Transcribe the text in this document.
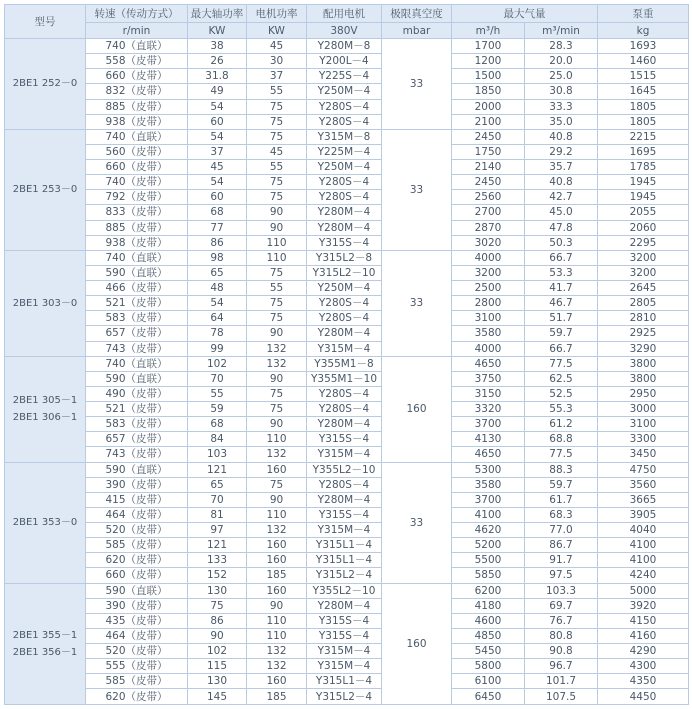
型号	转速（传动方式）	最大轴功率	电机功率	配用电机	极限真空度	最大气量		泵重
	r/min	KW	KW	380V	mbar	m³/h	m³/min	kg

2BE1 252－0	740（直联）	38	45	Y280M－8	33	1700	28.3	1693
	558（皮带）	26	30	Y200L－4		1200	20.0	1460
	660（皮带）	31.8	37	Y225S－4		1500	25.0	1515
	832（皮带）	49	55	Y250M－4		1850	30.8	1645
	885（皮带）	54	75	Y280S－4		2000	33.3	1805
	938（皮带）	60	75	Y280S－4		2100	35.0	1805

2BE1 253－0	740（直联）	54	75	Y315M－8	33	2450	40.8	2215
	560（皮带）	37	45	Y225M－4		1750	29.2	1695
	660（皮带）	45	55	Y250M－4		2140	35.7	1785
	740（皮带）	54	75	Y280S－4		2450	40.8	1945
	792（皮带）	60	75	Y280S－4		2560	42.7	1945
	833（皮带）	68	90	Y280M－4		2700	45.0	2055
	885（皮带）	77	90	Y280M－4		2870	47.8	2060
	938（皮带）	86	110	Y315S－4		3020	50.3	2295

2BE1 303－0	740（直联）	98	110	Y315L2－8	33	4000	66.7	3200
	590（直联）	65	75	Y315L2－10		3200	53.3	3200
	466（皮带）	48	55	Y250M－4		2500	41.7	2645
	521（皮带）	54	75	Y280S－4		2800	46.7	2805
	583（皮带）	64	75	Y280S－4		3100	51.7	2810
	657（皮带）	78	90	Y280M－4		3580	59.7	2925
	743（皮带）	99	132	Y315M－4		4000	66.7	3290

2BE1 305－1
2BE1 306－1	740（直联）	102	132	Y355M1－8	160	4650	77.5	3800
	590（直联）	70	90	Y355M1－10		3750	62.5	3800
	490（皮带）	55	75	Y280S－4		3150	52.5	2950
	521（皮带）	59	75	Y280S－4		3320	55.3	3000
	583（皮带）	68	90	Y280M－4		3700	61.2	3100
	657（皮带）	84	110	Y315S－4		4130	68.8	3300
	743（皮带）	103	132	Y315M－4		4650	77.5	3450

2BE1 353－0	590（直联）	121	160	Y355L2－10	33	5300	88.3	4750
	390（皮带）	65	75	Y280S－4		3580	59.7	3560
	415（皮带）	70	90	Y280M－4		3700	61.7	3665
	464（皮带）	81	110	Y315S－4		4100	68.3	3905
	520（皮带）	97	132	Y315M－4		4620	77.0	4040
	585（皮带）	121	160	Y315L1－4		5200	86.7	4100
	620（皮带）	133	160	Y315L1－4		5500	91.7	4100
	660（皮带）	152	185	Y315L2－4		5850	97.5	4240

2BE1 355－1
2BE1 356－1	590（直联）	130	160	Y355L2－10	160	6200	103.3	5000
	390（皮带）	75	90	Y280M－4		4180	69.7	3920
	435（皮带）	86	110	Y315S－4		4600	76.7	4150
	464（皮带）	90	110	Y315S－4		4850	80.8	4160
	520（皮带）	102	132	Y315M－4		5450	90.8	4290
	555（皮带）	115	132	Y315M－4		5800	96.7	4300
	585（皮带）	130	160	Y315L1－4		6100	101.7	4350
	620（皮带）	145	185	Y315L2－4		6450	107.5	4450
